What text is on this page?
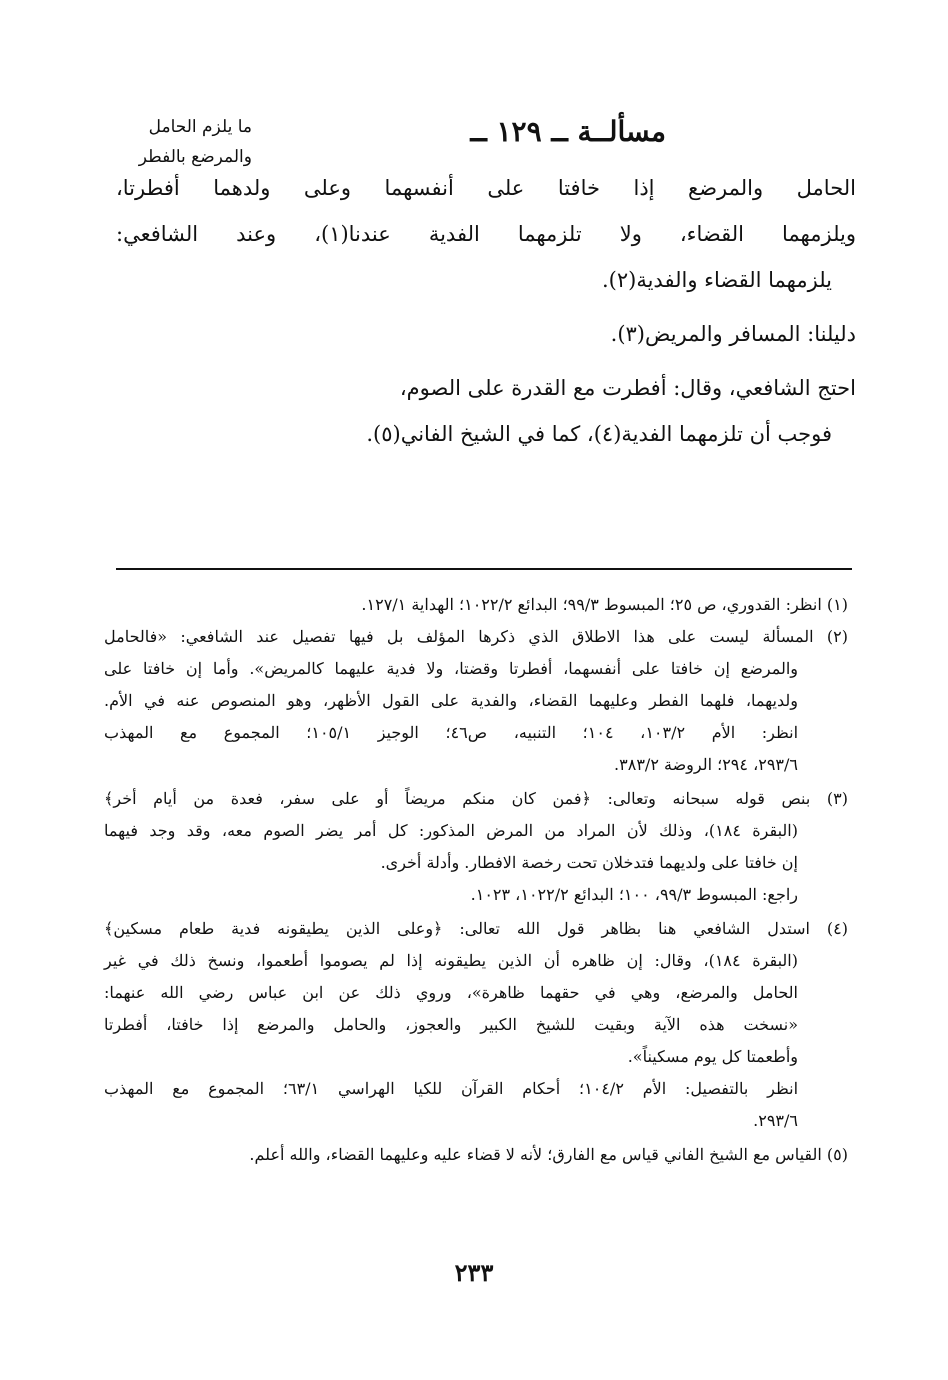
ما يلزم الحامل
والمرضع بالفطر
مسألــة ــ ١٢٩ ــ
الحامل والمرضع إذا خافتا على أنفسهما وعلى ولدهما أفطرتا،
ويلزمهما القضاء، ولا تلزمهما الفدية عندنا(١)، وعند الشافعي:
يلزمهما القضاء والفدية(٢).
دليلنا: المسافر والمريض(٣).
احتج الشافعي، وقال: أفطرت مع القدرة على الصوم،
فوجب أن تلزمهما الفدية(٤)، كما في الشيخ الفاني(٥).
(١) انظر: القدوري، ص ٢٥؛ المبسوط ٩٩/٣؛ البدائع ١٠٢٢/٢؛ الهداية ١٢٧/١.
(٢) المسألة ليست على هذا الاطلاق الذي ذكرها المؤلف بل فيها تفصيل عند الشافعي: «فالحامل
والمرضع إن خافتا على أنفسهما، أفطرتا وقضتا، ولا فدية عليهما كالمريض». وأما إن خافتا على
ولديهما، فلهما الفطر وعليهما القضاء، والفدية على القول الأظهر، وهو المنصوص عنه في الأم.
انظر: الأم ١٠٣/٢، ١٠٤؛ التنبيه، ص٤٦؛ الوجيز ١٠٥/١؛ المجموع مع المهذب
٢٩٣/٦، ٢٩٤؛ الروضة ٣٨٣/٢.
(٣) بنص قوله سبحانه وتعالى: ﴿فمن كان منكم مريضاً أو على سفر، فعدة من أيام أخر﴾
(البقرة ١٨٤)، وذلك لأن المراد من المرض المذكور: كل أمر يضر الصوم معه، وقد وجد فيهما
إن خافتا على ولديهما فتدخلان تحت رخصة الافطار. وأدلة أخرى.
راجع: المبسوط ٩٩/٣، ١٠٠؛ البدائع ١٠٢٢/٢، ١٠٢٣.
(٤) استدل الشافعي هنا بظاهر قول الله تعالى: ﴿وعلى الذين يطيقونه فدية طعام مسكين﴾
(البقرة ١٨٤)، وقال: إن ظاهره أن الذين يطيقونه إذا لم يصوموا أطعموا، ونسخ ذلك في غير
الحامل والمرضع، وهي في حقهما ظاهرة»، وروي ذلك عن ابن عباس رضي الله عنهما:
«نسخت هذه الآية وبقيت للشيخ الكبير والعجوز، والحامل والمرضع إذا خافتا، أفطرتا
وأطعمتا كل يوم مسكيناً».
انظر بالتفصيل: الأم ١٠٤/٢؛ أحكام القرآن للكيا الهراسي ٦٣/١؛ المجموع مع المهذب
٢٩٣/٦.
(٥) القياس مع الشيخ الفاني قياس مع الفارق؛ لأنه لا قضاء عليه وعليهما القضاء، والله أعلم.
٢٣٣
